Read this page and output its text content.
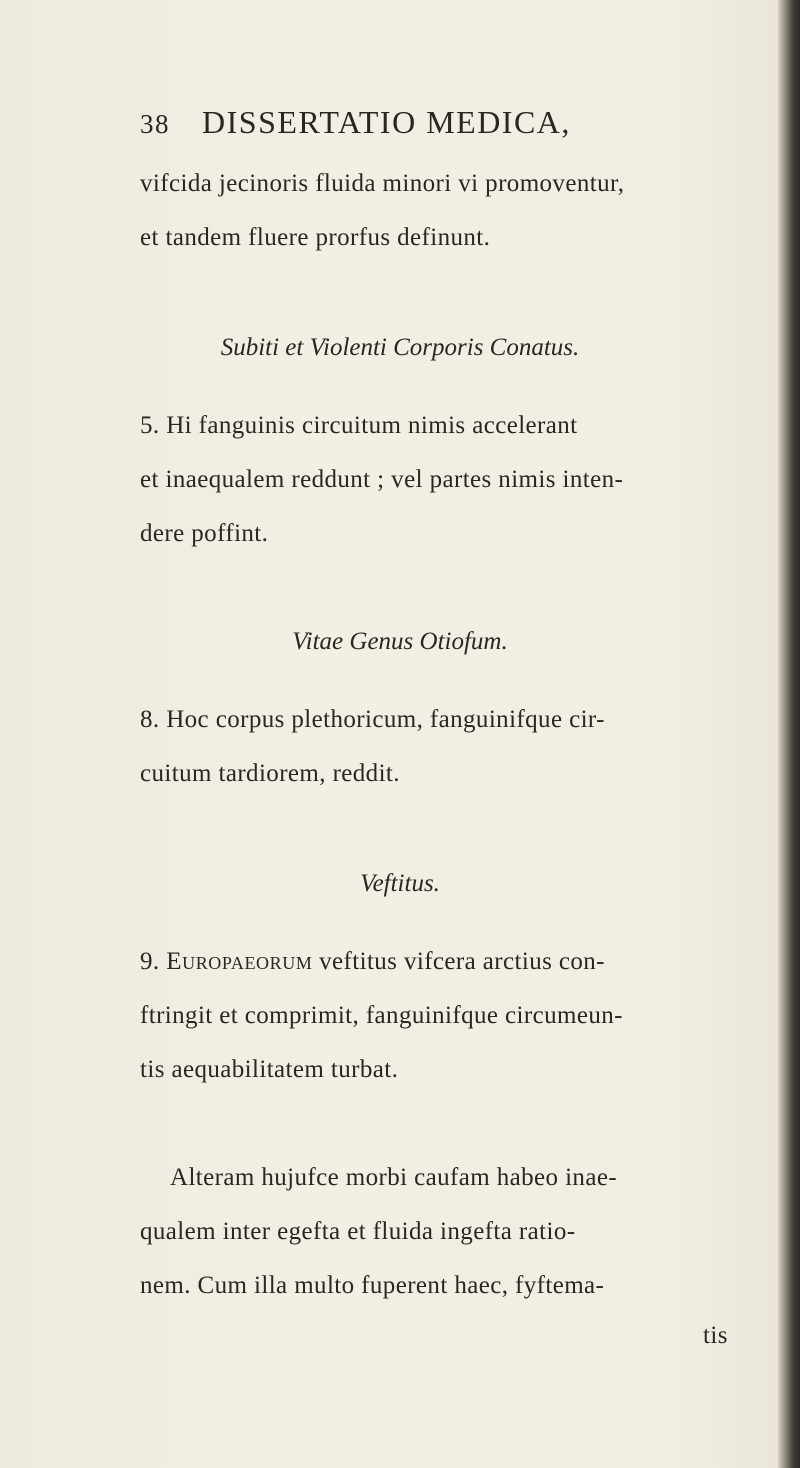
38 DISSERTATIO MEDICA,
vifcida jecinoris fluida minori vi promoventur,
et tandem fluere prorfus definunt.
Subiti et Violenti Corporis Conatus.
5. Hi fanguinis circuitum nimis accelerant
et inaequalem reddunt ; vel partes nimis inten-
dere poffint.
Vitae Genus Otiofum.
8. Hoc corpus plethoricum, fanguinifque cir-
cuitum tardiorem, reddit.
Veftitus.
9. Europaeorum veftitus vifcera arctius con-
ftringit et comprimit, fanguinifque circumeun-
tis aequabilitatem turbat.
Alteram hujufce morbi caufam habeo inae-
qualem inter egefta et fluida ingefta ratio-
nem. Cum illa multo fuperent haec, fyftema-
tis
